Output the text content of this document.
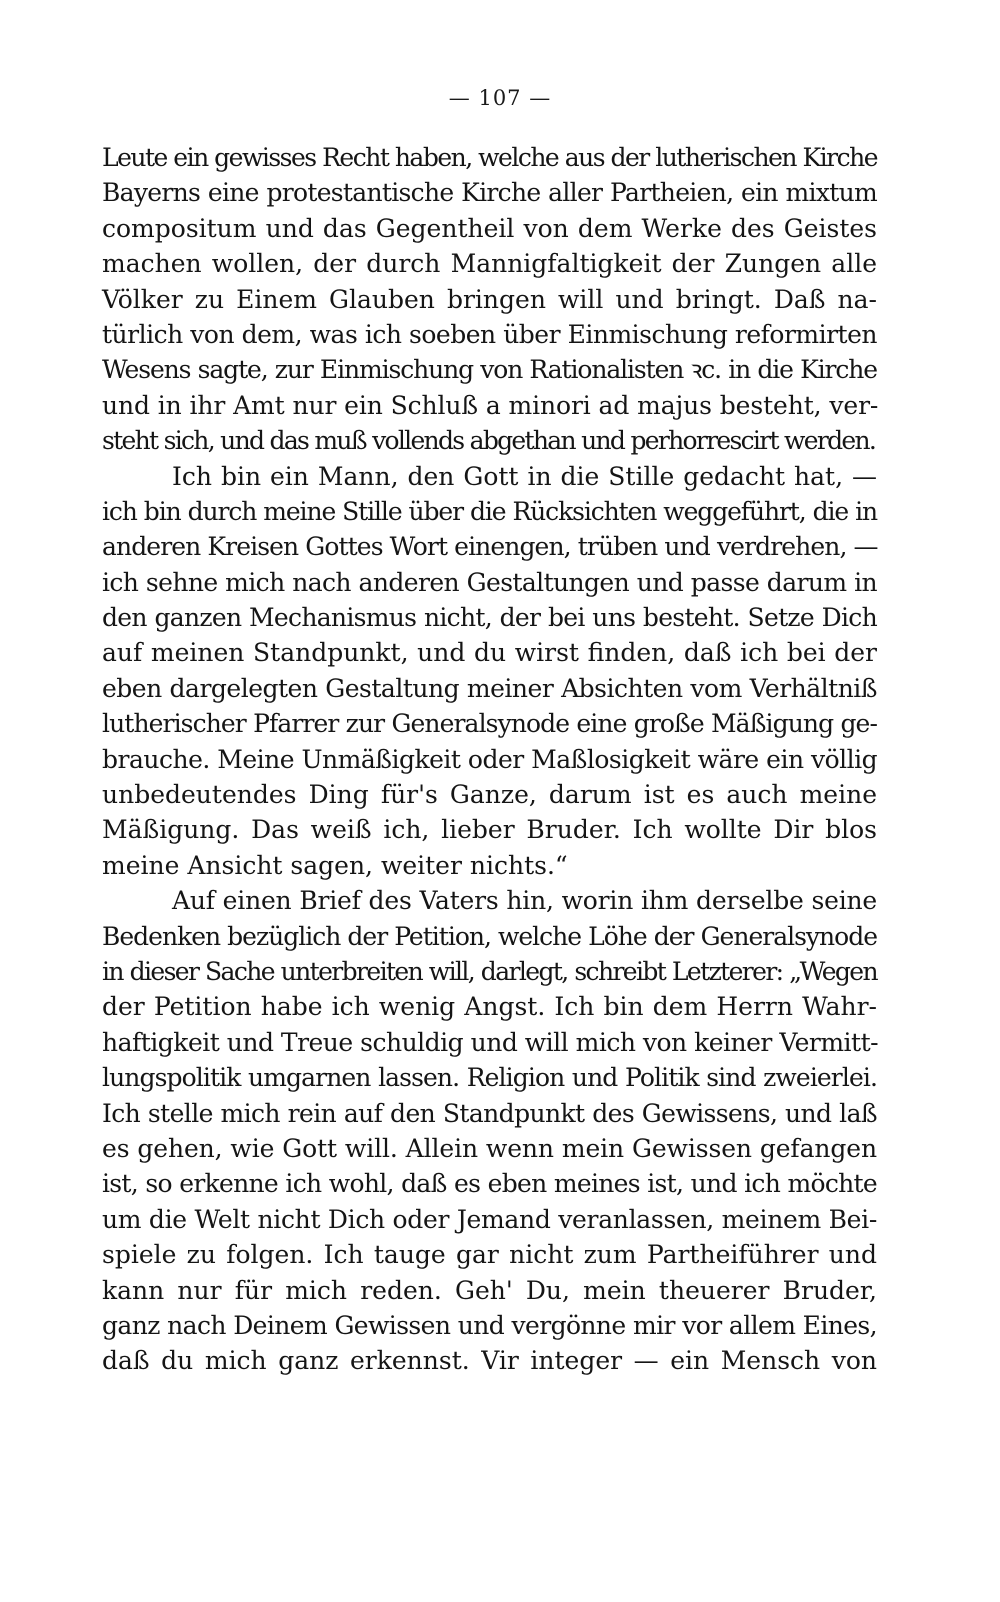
— 107 —
Leute ein gewisses Recht haben, welche aus der lutherischen Kirche
Bayerns eine protestantische Kirche aller Partheien, ein mixtum
compositum und das Gegentheil von dem Werke des Geistes
machen wollen, der durch Mannigfaltigkeit der Zungen alle
Völker zu Einem Glauben bringen will und bringt. Daß na-
türlich von dem, was ich soeben über Einmischung reformirten
Wesens sagte, zur Einmischung von Rationalisten ꝛc. in die Kirche
und in ihr Amt nur ein Schluß a minori ad majus besteht, ver-
steht sich, und das muß vollends abgethan und perhorrescirt werden.
Ich bin ein Mann, den Gott in die Stille gedacht hat, —
ich bin durch meine Stille über die Rücksichten weggeführt, die in
anderen Kreisen Gottes Wort einengen, trüben und verdrehen, —
ich sehne mich nach anderen Gestaltungen und passe darum in
den ganzen Mechanismus nicht, der bei uns besteht. Setze Dich
auf meinen Standpunkt, und du wirst finden, daß ich bei der
eben dargelegten Gestaltung meiner Absichten vom Verhältniß
lutherischer Pfarrer zur Generalsynode eine große Mäßigung ge-
brauche. Meine Unmäßigkeit oder Maßlosigkeit wäre ein völlig
unbedeutendes Ding für's Ganze, darum ist es auch meine
Mäßigung. Das weiß ich, lieber Bruder. Ich wollte Dir blos
meine Ansicht sagen, weiter nichts.“
Auf einen Brief des Vaters hin, worin ihm derselbe seine
Bedenken bezüglich der Petition, welche Löhe der Generalsynode
in dieser Sache unterbreiten will, darlegt, schreibt Letzterer: „Wegen
der Petition habe ich wenig Angst. Ich bin dem Herrn Wahr-
haftigkeit und Treue schuldig und will mich von keiner Vermitt-
lungspolitik umgarnen lassen. Religion und Politik sind zweierlei.
Ich stelle mich rein auf den Standpunkt des Gewissens, und laß
es gehen, wie Gott will. Allein wenn mein Gewissen gefangen
ist, so erkenne ich wohl, daß es eben meines ist, und ich möchte
um die Welt nicht Dich oder Jemand veranlassen, meinem Bei-
spiele zu folgen. Ich tauge gar nicht zum Partheiführer und
kann nur für mich reden. Geh' Du, mein theuerer Bruder,
ganz nach Deinem Gewissen und vergönne mir vor allem Eines,
daß du mich ganz erkennst. Vir integer — ein Mensch von
